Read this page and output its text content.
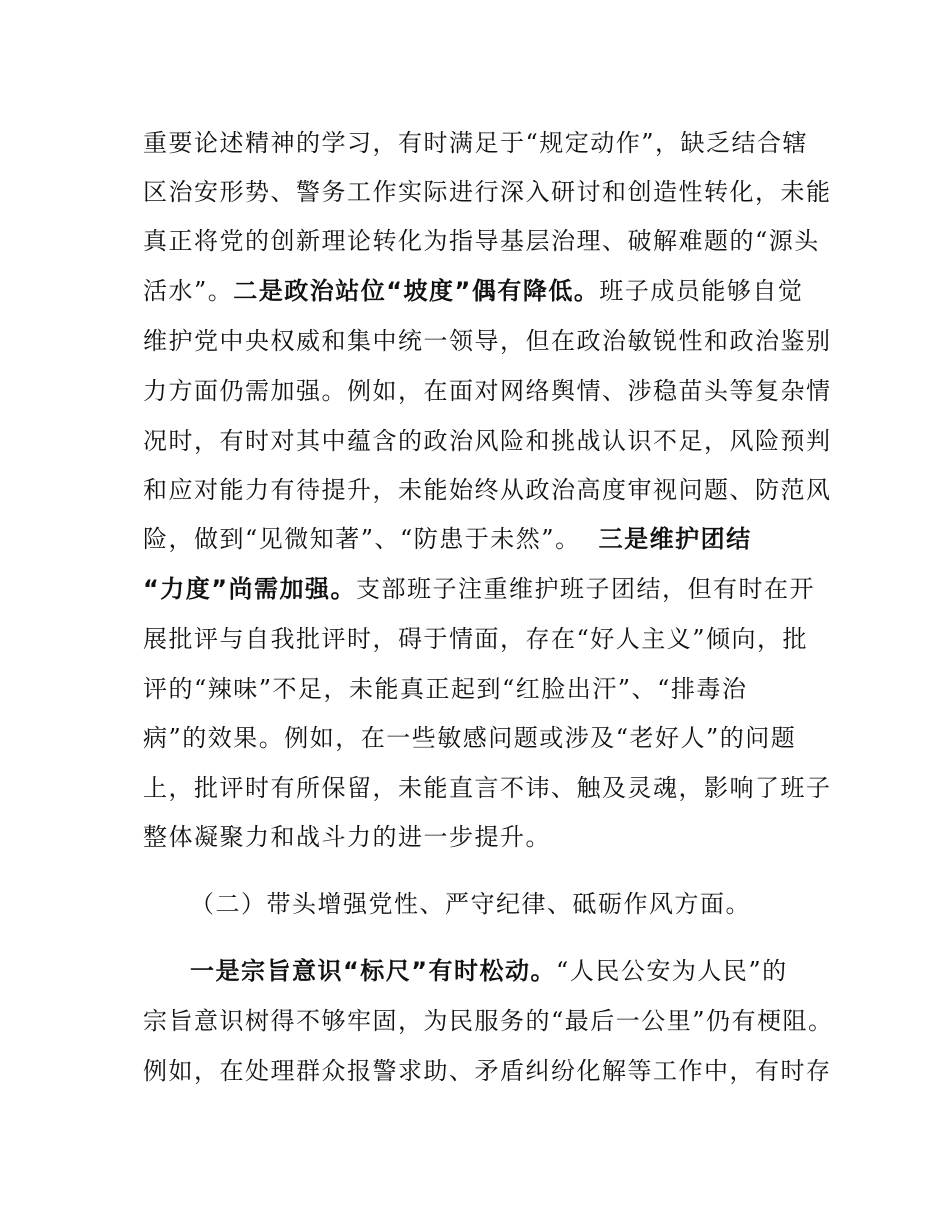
重要论述精神的学习，有时满足于“规定动作”，缺乏结合辖
区治安形势、警务工作实际进行深入研讨和创造性转化，未能
真正将党的创新理论转化为指导基层治理、破解难题的“源头
活水”。二是政治站位“坡度”偶有降低。班子成员能够自觉
维护党中央权威和集中统一领导，但在政治敏锐性和政治鉴别
力方面仍需加强。例如，在面对网络舆情、涉稳苗头等复杂情
况时，有时对其中蕴含的政治风险和挑战认识不足，风险预判
和应对能力有待提升，未能始终从政治高度审视问题、防范风
险，做到“见微知著”、“防患于未然”。 三是维护团结
“力度”尚需加强。支部班子注重维护班子团结，但有时在开
展批评与自我批评时，碍于情面，存在“好人主义”倾向，批
评的“辣味”不足，未能真正起到“红脸出汗”、“排毒治
病”的效果。例如，在一些敏感问题或涉及“老好人”的问题
上，批评时有所保留，未能直言不讳、触及灵魂，影响了班子
整体凝聚力和战斗力的进一步提升。
（二）带头增强党性、严守纪律、砥砺作风方面。
一是宗旨意识“标尺”有时松动。“人民公安为人民”的
宗旨意识树得不够牢固，为民服务的“最后一公里”仍有梗阻。
例如，在处理群众报警求助、矛盾纠纷化解等工作中，有时存
